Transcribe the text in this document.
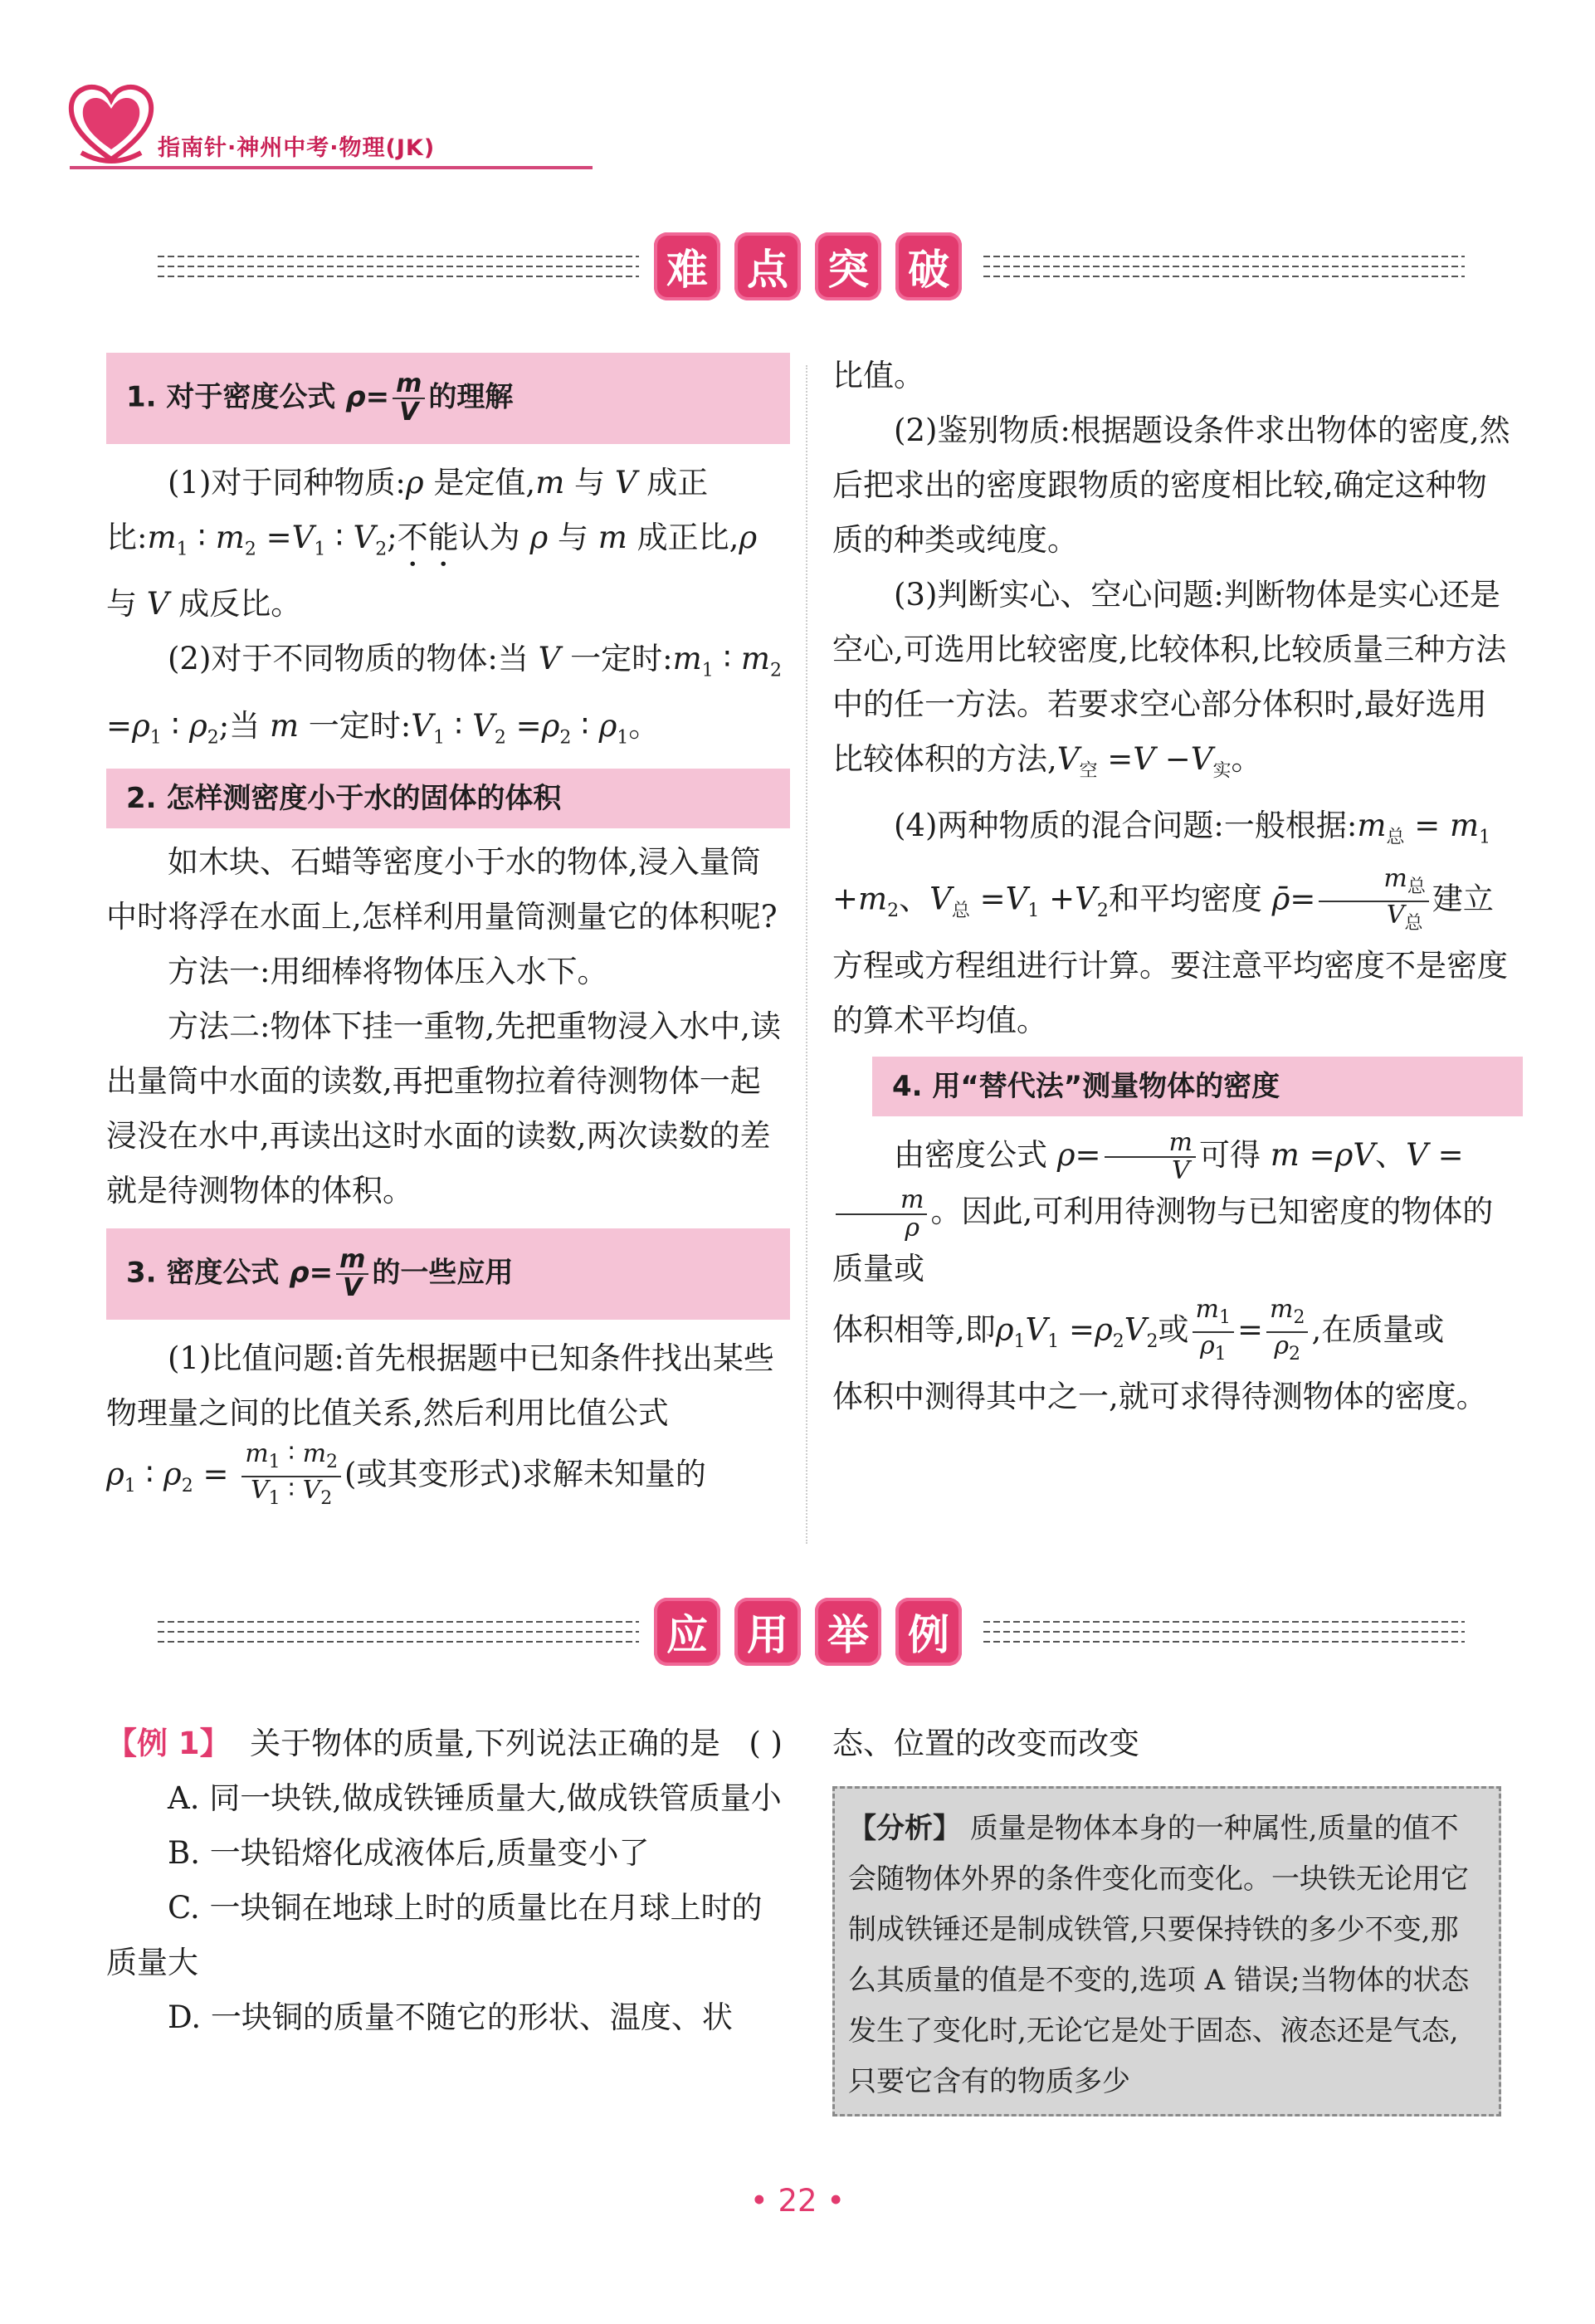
指南针·神州中考·物理(JK)
难 点 突 破
1. 对于密度公式 $\rho= \frac{m}{V}$ 的理解

(1)对于同种物质:ρ 是定值,m 与 V 成正比$:m_1$ ∶ $m_2 =V_1$ ∶ $V_2$;不能认为 ρ 与 m 成正比,ρ 与 V 成反比。

(2)对于不同物质的物体:当 V 一定时$:m_1$ ∶ $m_2 =\rho_1$ ∶ $\rho_2$;当 m 一定时$:V_1$ ∶ $V_2 =\rho_2$ ∶ $\rho_1$。

2. 怎样测密度小于水的固体的体积

如木块、石蜡等密度小于水的物体,浸入量筒中时将浮在水面上,怎样利用量筒测量它的体积呢?

方法一:用细棒将物体压入水下。

方法二:物体下挂一重物,先把重物浸入水中,读出量筒中水面的读数,再把重物拉着待测物体一起浸没在水中,再读出这时水面的读数,两次读数的差就是待测物体的体积。

3. 密度公式 $\rho= \frac{m}{V}$ 的一些应用

(1)比值问题:首先根据题中已知条件找出某些物理量之间的比值关系,然后利用比值公式

$\rho_1$ ∶ $\rho_2 = \frac{m_1 ∶ m_2}{V_1 ∶ V_2}$ (或其变形式)求解未知量的

比值。

(2)鉴别物质:根据题设条件求出物体的密度,然后把求出的密度跟物质的密度相比较,确定这种物质的种类或纯度。

(3)判断实心、空心问题:判断物体是实心还是空心,可选用比较密度,比较体积,比较质量三种方法中的任一方法。若要求空心部分体积时,最好选用比较体积的方法$,V_空 =V -V_实$。

(4)两种物质的混合问题:一般根据$:m_总 = m_1 +m_2$、$V_总 =V_1 +V_2$和平均密度 ρ̄= $\frac{m_总}{V_总}$ 建立

方程或方程组进行计算。要注意平均密度不是密度的算术平均值。

4. 用“替代法”测量物体的密度

由密度公式 $\rho= \frac{m}{V}$ 可得 m =ρV、V =
$\frac{m}{\rho}$ 。因此,可利用待测物与已知密度的物体的质量或

体积相等,即$\rho_1V_1 =\rho_2V_2$或 $\frac{m_1}{\rho_1} = \frac{m_2}{\rho_2}$ ,在质量或

体积中测得其中之一,就可求得待测物体的密度。

应 用 举 例

【例 1】 关于物体的质量,下列说法正确的是 ( )

A. 同一块铁,做成铁锤质量大,做成铁管质量小

B. 一块铅熔化成液体后,质量变小了

C. 一块铜在地球上时的质量比在月球上时的质量大

D. 一块铜的质量不随它的形状、温度、状

态、位置的改变而改变

【分析】 质量是物体本身的一种属性,质量的值不会随物体外界的条件变化而变化。一块铁无论用它制成铁锤还是制成铁管,只要保持铁的多少不变,那么其质量的值是不变的,选项 A 错误;当物体的状态发生了变化时,无论它是处于固态、液态还是气态,只要它含有的物质多少
• 22 •
